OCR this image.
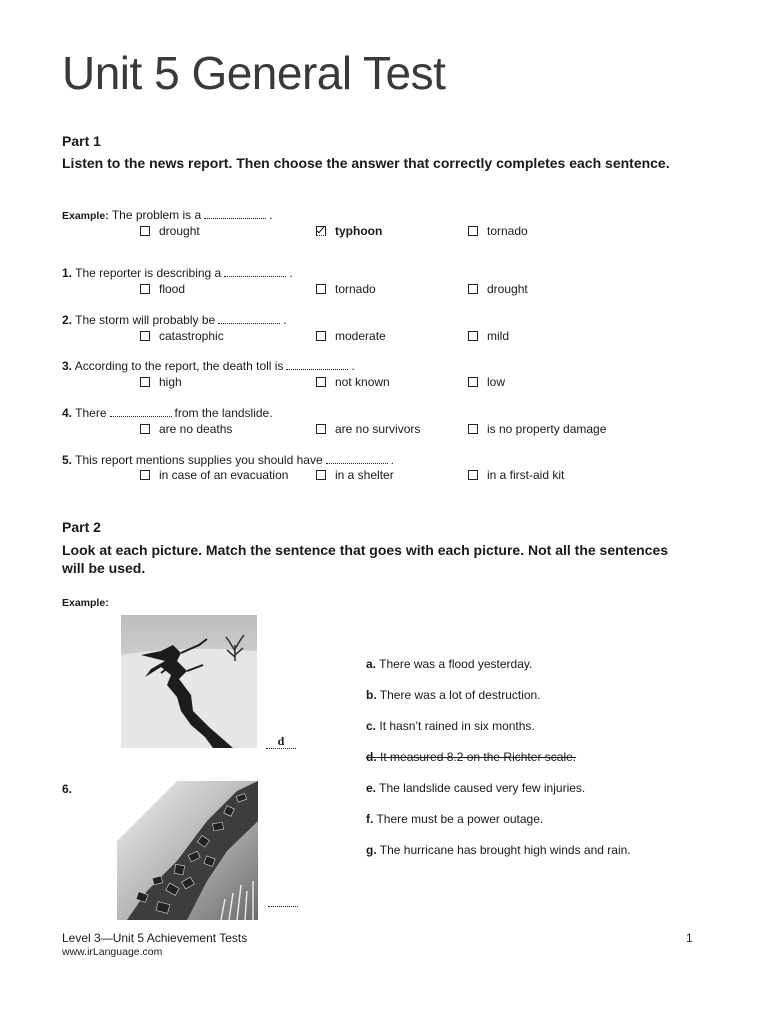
Unit 5 General Test
Part 1

Listen to the news report. Then choose the answer that correctly completes each sentence.

Example: The problem is a	.
drought	typhoon	tornado
1. The reporter is describing a	.
flood	tornado	drought
2. The storm will probably be	.
catastrophic	moderate	mild
3. According to the report, the death toll is	.
high	not known	low
4. There	from the landslide.
are no deaths	are no survivors	is no property damage
5. This report mentions supplies you should have	.
in case of an evacuation	in a shelter	in a first-aid kit
Part 2

Look at each picture. Match the sentence that goes with each picture. Not all the sentences will be used.

Example:
d
6.
a. There was a flood yesterday.
b. There was a lot of destruction.
c. It hasn’t rained in six months.
d. It measured 8.2 on the Richter scale.
e. The landslide caused very few injuries.
f. There must be a power outage.
g. The hurricane has brought high winds and rain.
Level 3—Unit 5 Achievement Tests
www.irLanguage.com
1
